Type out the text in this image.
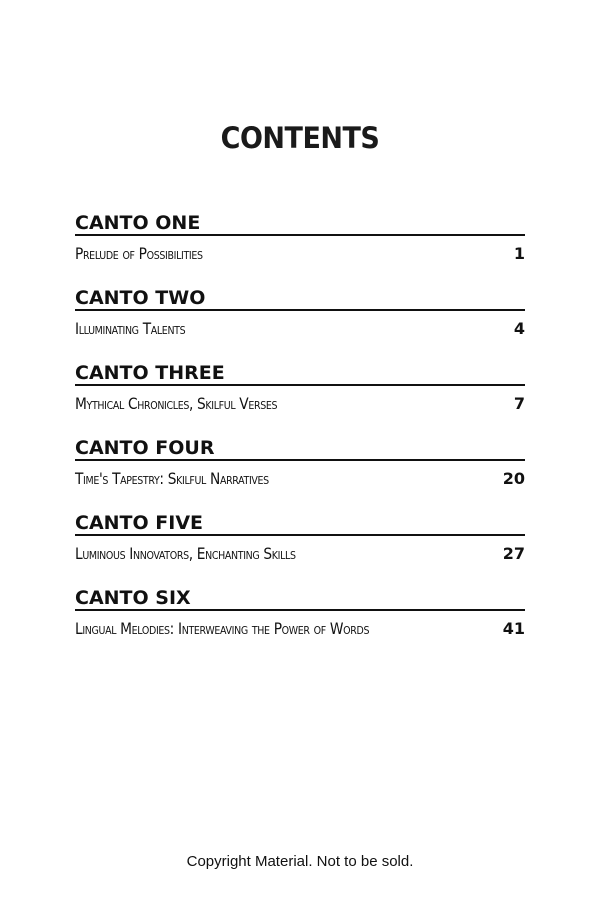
CONTENTS
CANTO ONE
Prelude of Possibilities	1
CANTO TWO
Illuminating Talents	4
CANTO THREE
Mythical Chronicles, Skilful Verses	7
CANTO FOUR
Time's Tapestry: Skilful Narratives	20
CANTO FIVE
Luminous Innovators, Enchanting Skills	27
CANTO SIX
Lingual Melodies: Interweaving the Power of Words	41
Copyright Material. Not to be sold.
